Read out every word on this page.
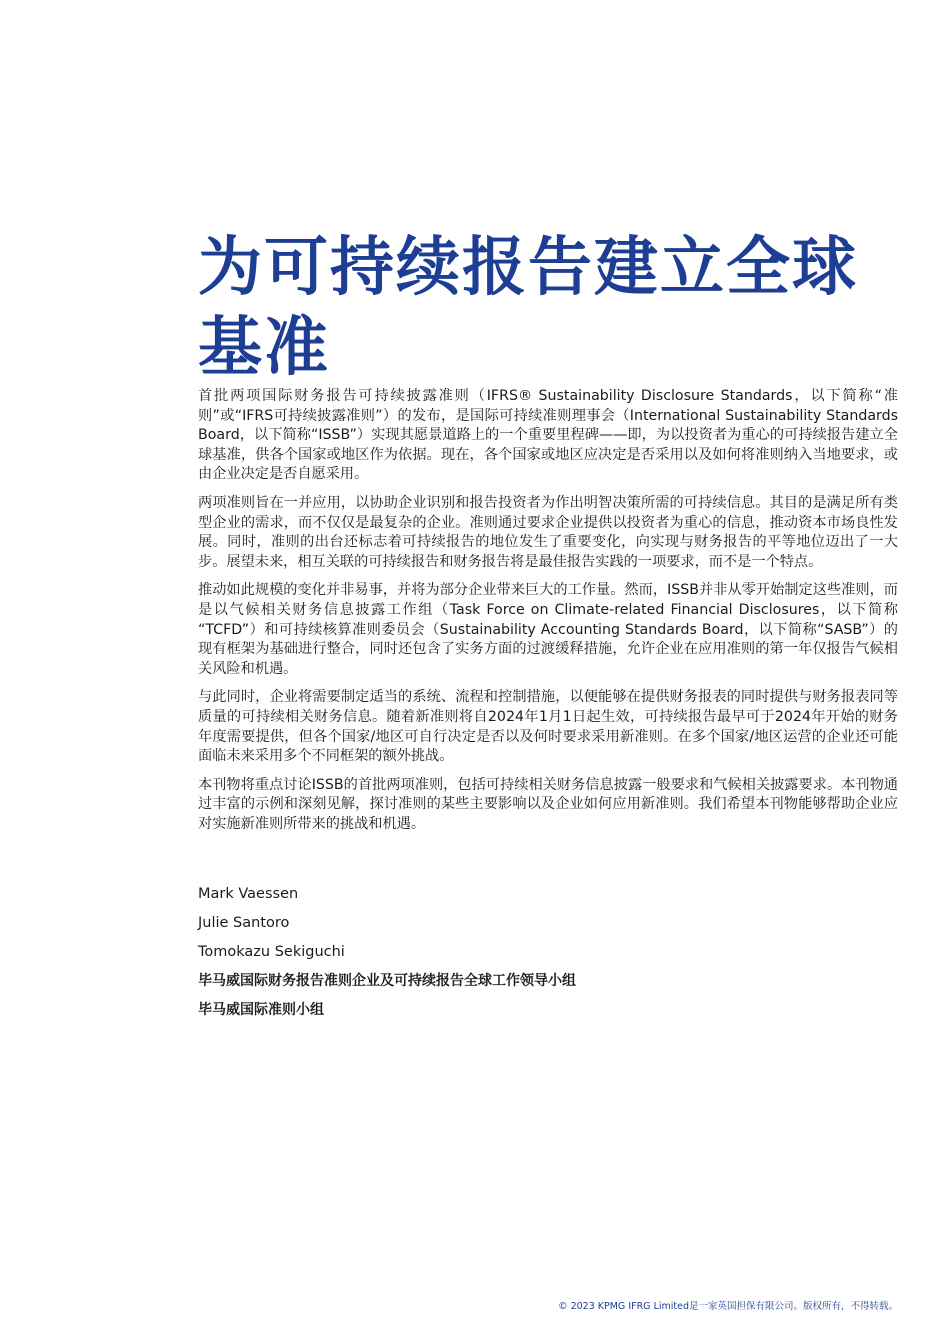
为可持续报告建立全球
基准

首批两项国际财务报告可持续披露准则（IFRS® Sustainability Disclosure Standards，以下简称“准则”或“IFRS可持续披露准则”）的发布，是国际可持续准则理事会（International Sustainability Standards Board，以下简称“ISSB”）实现其愿景道路上的一个重要里程碑——即，为以投资者为重心的可持续报告建立全球基准，供各个国家或地区作为依据。现在，各个国家或地区应决定是否采用以及如何将准则纳入当地要求，或由企业决定是否自愿采用。

两项准则旨在一并应用，以协助企业识别和报告投资者为作出明智决策所需的可持续信息。其目的是满足所有类型企业的需求，而不仅仅是最复杂的企业。准则通过要求企业提供以投资者为重心的信息，推动资本市场良性发展。同时，准则的出台还标志着可持续报告的地位发生了重要变化，向实现与财务报告的平等地位迈出了一大步。展望未来，相互关联的可持续报告和财务报告将是最佳报告实践的一项要求，而不是一个特点。

推动如此规模的变化并非易事，并将为部分企业带来巨大的工作量。然而，ISSB并非从零开始制定这些准则，而是以气候相关财务信息披露工作组（Task Force on Climate-related Financial Disclosures，以下简称 “TCFD”）和可持续核算准则委员会（Sustainability Accounting Standards Board，以下简称“SASB”）的现有框架为基础进行整合，同时还包含了实务方面的过渡缓释措施，允许企业在应用准则的第一年仅报告气候相关风险和机遇。

与此同时，企业将需要制定适当的系统、流程和控制措施，以便能够在提供财务报表的同时提供与财务报表同等质量的可持续相关财务信息。随着新准则将自2024年1月1日起生效，可持续报告最早可于2024年开始的财务年度需要提供，但各个国家/地区可自行决定是否以及何时要求采用新准则。在多个国家/地区运营的企业还可能面临未来采用多个不同框架的额外挑战。

本刊物将重点讨论ISSB的首批两项准则，包括可持续相关财务信息披露一般要求和气候相关披露要求。本刊物通过丰富的示例和深刻见解，探讨准则的某些主要影响以及企业如何应用新准则。我们希望本刊物能够帮助企业应对实施新准则所带来的挑战和机遇。

Mark Vaessen
Julie Santoro
Tomokazu Sekiguchi
毕马威国际财务报告准则企业及可持续报告全球工作领导小组
毕马威国际准则小组
© 2023 KPMG IFRG Limited是一家英国担保有限公司。版权所有，不得转载。
